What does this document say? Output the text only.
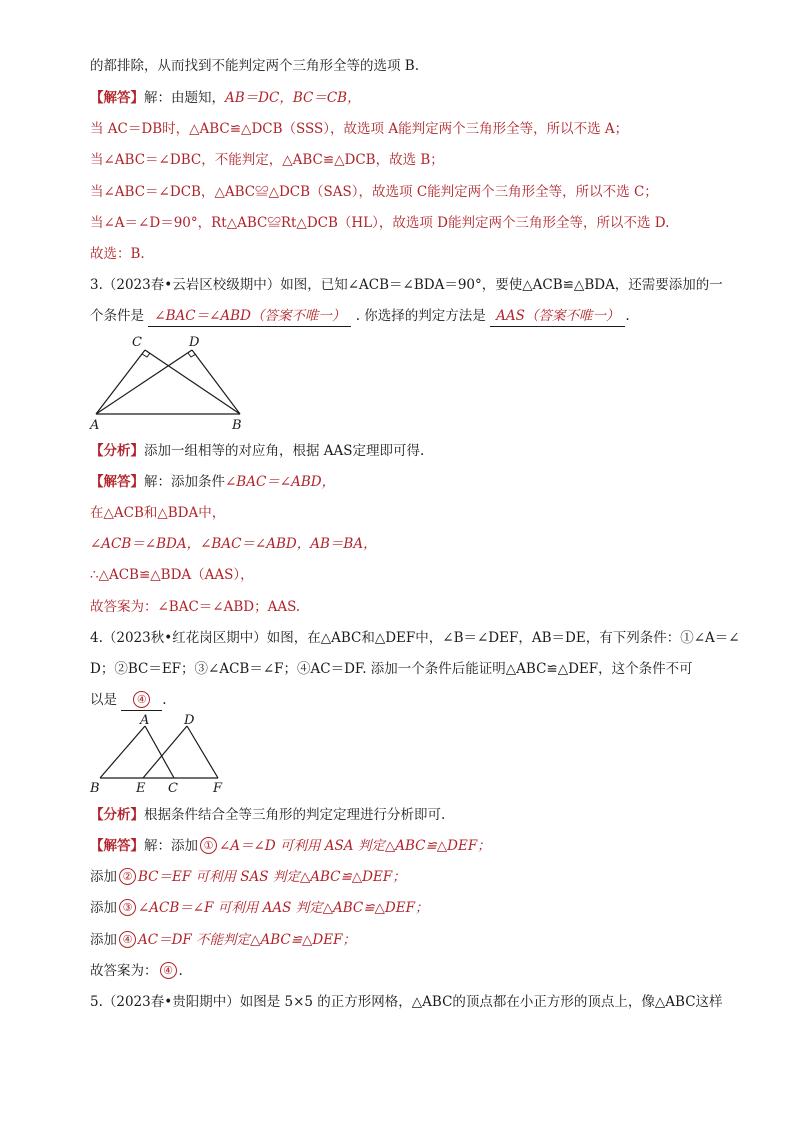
的都排除，从而找到不能判定两个三角形全等的选项 B.
【解答】解：由题知，AB＝DC，BC＝CB，
当 AC＝DB时，△ABC≌△DCB（SSS），故选项 A能判定两个三角形全等，所以不选 A；
当∠ABC＝∠DBC，不能判定，△ABC≌△DCB，故选 B；
当∠ABC＝∠DCB，△ABC≌△DCB（SAS），故选项 C能判定两个三角形全等，所以不选 C；
当∠A＝∠D＝90°，Rt△ABC≌Rt△DCB（HL），故选项 D能判定两个三角形全等，所以不选 D.
故选：B.
3.（2023春•云岩区校级期中）如图，已知∠ACB＝∠BDA＝90°，要使△ACB≌△BDA，还需要添加的一
个条件是 ∠BAC＝∠ABD（答案不唯一） . 你选择的判定方法是 AAS（答案不唯一） .
C	D
A	B
【分析】添加一组相等的对应角，根据 AAS定理即可得.
【解答】解：添加条件∠BAC＝∠ABD，
在△ACB和△BDA中，
∠ACB＝∠BDA，∠BAC＝∠ABD，AB＝BA，
∴△ACB≌△BDA（AAS），
故答案为：∠BAC＝∠ABD；AAS.
4.（2023秋•红花岗区期中）如图，在△ABC和△DEF中，∠B＝∠DEF，AB＝DE，有下列条件：①∠A＝∠
D；②BC＝EF；③∠ACB＝∠F；④AC＝DF. 添加一个条件后能证明△ABC≌△DEF，这个条件不可
以是 ④ .
A	D
B	E C	F
【分析】根据条件结合全等三角形的判定定理进行分析即可.
【解答】解：添加 ① ∠A＝∠D 可利用 ASA 判定△ABC≌△DEF；
添加 ② BC＝EF 可利用 SAS 判定△ABC≌△DEF；
添加 ③ ∠ACB＝∠F 可利用 AAS 判定△ABC≌△DEF；
添加 ④ AC＝DF 不能判定△ABC≌△DEF；
故答案为： ④ .
5.（2023春•贵阳期中）如图是 5×5 的正方形网格，△ABC的顶点都在小正方形的顶点上，像△ABC这样
